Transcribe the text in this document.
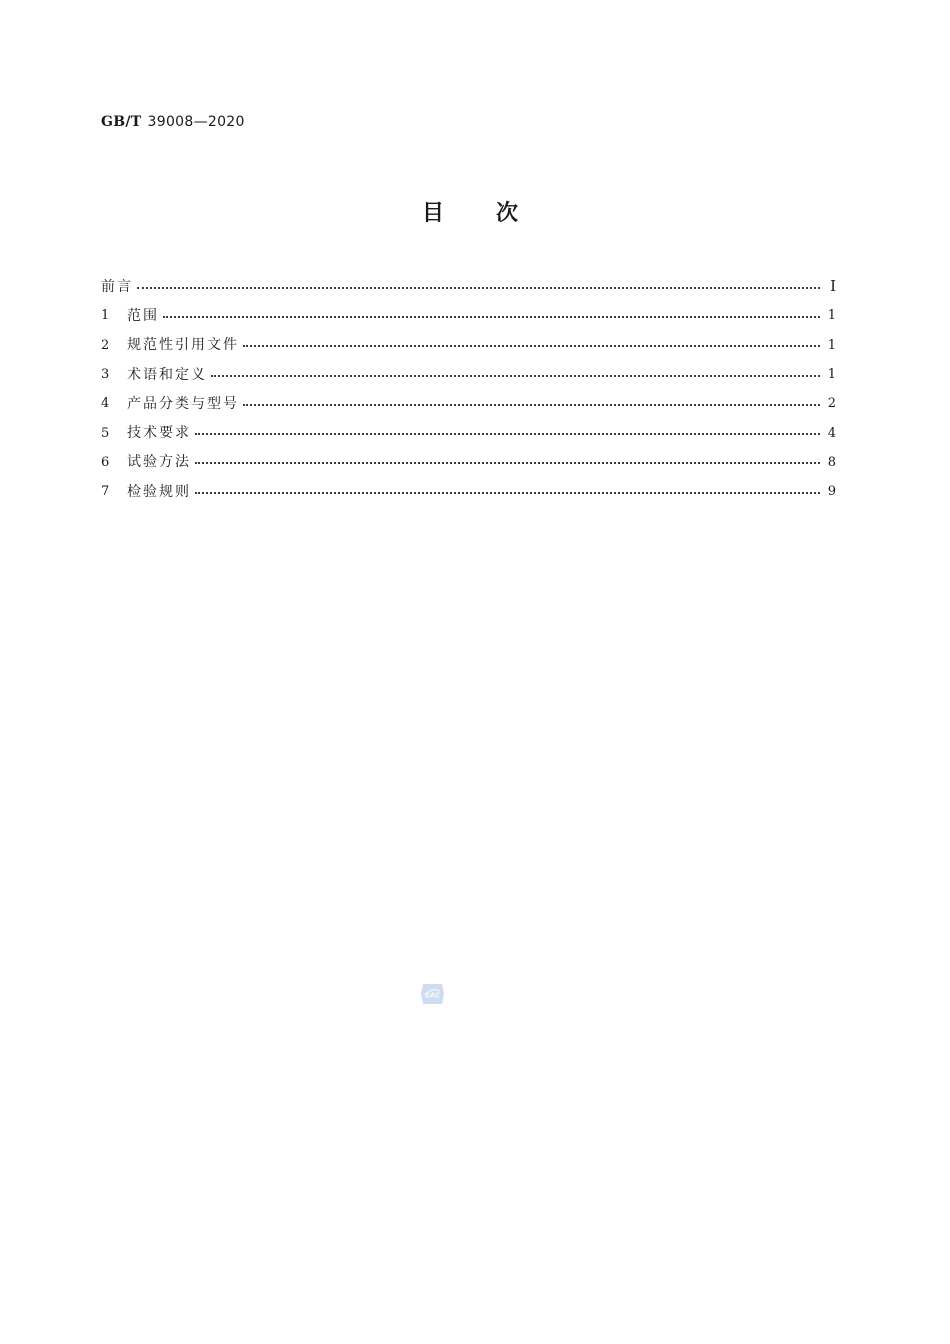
GB/T 39008—2020
目次
前言	Ⅰ
1	范围	1
2	规范性引用文件	1
3	术语和定义	1
4	产品分类与型号	2
5	技术要求	4
6	试验方法	8
7	检验规则	9
SAC
